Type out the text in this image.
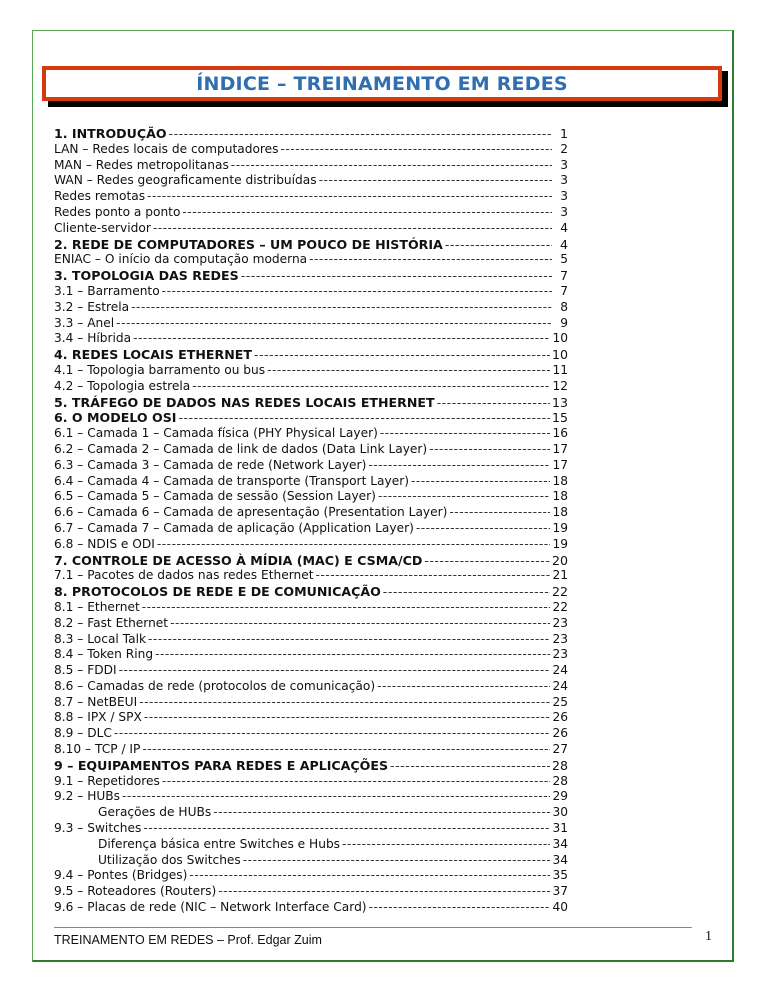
ÍNDICE – TREINAMENTO EM REDES
1. INTRODUÇÃO -----	1
LAN – Redes locais de computadores -----	2
MAN – Redes metropolitanas -----	3
WAN – Redes geograficamente distribuídas -----	3
Redes remotas -----	3
Redes ponto a ponto -----	3
Cliente-servidor -----	4
2. REDE DE COMPUTADORES – UM POUCO DE HISTÓRIA -----	4
ENIAC – O início da computação moderna -----	5
3. TOPOLOGIA DAS REDES -----	7
3.1 – Barramento -----	7
3.2 – Estrela -----	8
3.3 – Anel -----	9
3.4 – Híbrida -----	10
4. REDES LOCAIS ETHERNET -----	10
4.1 – Topologia barramento ou bus -----	11
4.2 – Topologia estrela -----	12
5. TRÁFEGO DE DADOS NAS REDES LOCAIS ETHERNET -----	13
6. O MODELO OSI -----	15
6.1 – Camada 1 – Camada física (PHY Physical Layer) -----	16
6.2 – Camada 2 – Camada de link de dados (Data Link Layer) -----	17
6.3 – Camada 3 – Camada de rede (Network Layer) -----	17
6.4 – Camada 4 – Camada de transporte (Transport Layer) -----	18
6.5 – Camada 5 – Camada de sessão (Session Layer) -----	18
6.6 – Camada 6 – Camada de apresentação (Presentation Layer) -----	18
6.7 – Camada 7 – Camada de aplicação (Application Layer) -----	19
6.8 – NDIS e ODI -----	19
7. CONTROLE DE ACESSO À MÍDIA (MAC) E CSMA/CD -----	20
7.1 – Pacotes de dados nas redes Ethernet -----	21
8. PROTOCOLOS DE REDE E DE COMUNICAÇÃO -----	22
8.1 – Ethernet -----	22
8.2 – Fast Ethernet -----	23
8.3 – Local Talk -----	23
8.4 – Token Ring -----	23
8.5 – FDDI -----	24
8.6 – Camadas de rede (protocolos de comunicação) -----	24
8.7 – NetBEUI -----	25
8.8 – IPX / SPX -----	26
8.9 – DLC -----	26
8.10 – TCP / IP -----	27
9 – EQUIPAMENTOS PARA REDES E APLICAÇÕES -----	28
9.1 – Repetidores -----	28
9.2 – HUBs -----	29
Gerações de HUBs -----	30
9.3 – Switches -----	31
Diferença básica entre Switches e Hubs -----	34
Utilização dos Switches -----	34
9.4 – Pontes (Bridges) -----	35
9.5 – Roteadores (Routers) -----	37
9.6 – Placas de rede (NIC – Network Interface Card) -----	40
TREINAMENTO EM REDES – Prof. Edgar Zuim	1
